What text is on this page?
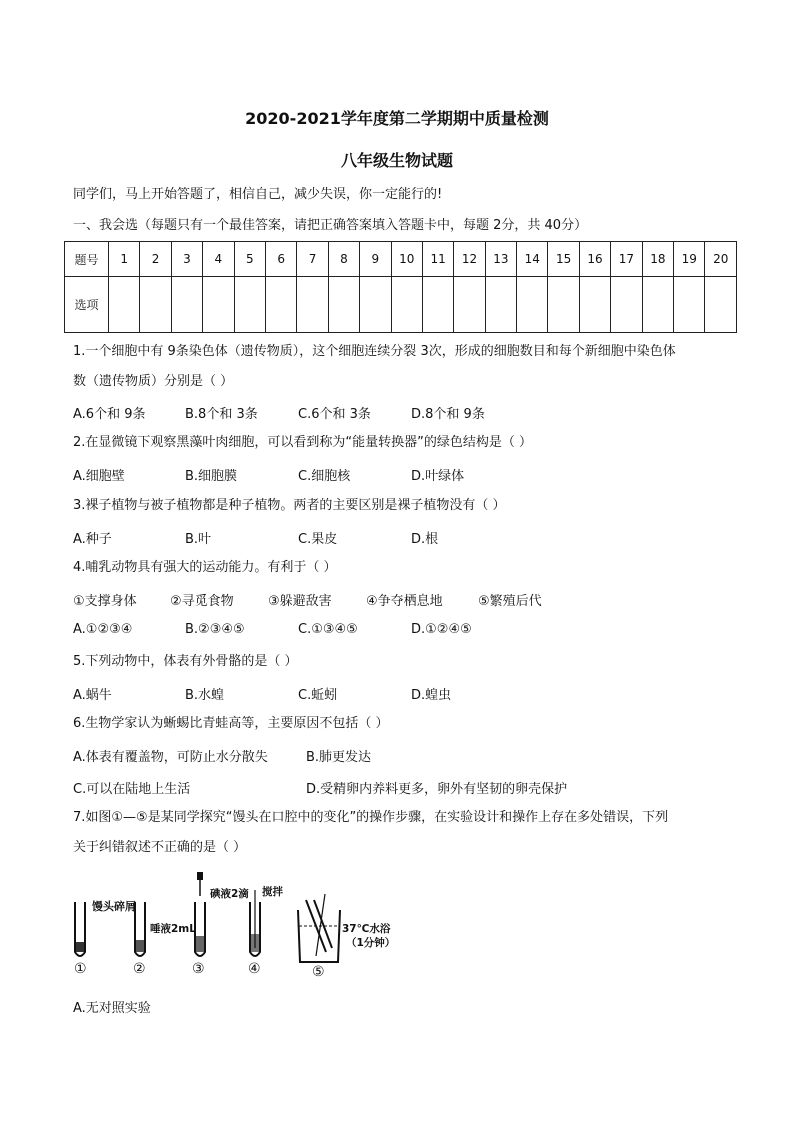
2020-2021学年度第二学期期中质量检测
八年级生物试题
同学们，马上开始答题了，相信自己，减少失误，你一定能行的!
一、我会选（每题只有一个最佳答案，请把正确答案填入答题卡中，每题 2分，共 40分）
题号	1	2	3	4	5	6	7	8	9	10	11	12	13	14	15	16	17	18	19	20
选项																				
1.一个细胞中有 9条染色体（遗传物质），这个细胞连续分裂 3次，形成的细胞数目和每个新细胞中染色体
数（遗传物质）分别是（ ）
A.6个和 9条	B.8个和 3条	C.6个和 3条	D.8个和 9条
2.在显微镜下观察黑藻叶肉细胞，可以看到称为“能量转换器”的绿色结构是（ ）
A.细胞壁	B.细胞膜	C.细胞核	D.叶绿体
3.裸子植物与被子植物都是种子植物。两者的主要区别是裸子植物没有（ ）
A.种子	B.叶	C.果皮	D.根
4.哺乳动物具有强大的运动能力。有利于（ ）
①支撑身体	②寻觅食物	③躲避敌害	④争夺栖息地	⑤繁殖后代
A.①②③④	B.②③④⑤	C.①③④⑤	D.①②④⑤
5.下列动物中，体表有外骨骼的是（ ）
A.蜗牛	B.水蝗	C.蚯蚓	D.蝗虫
6.生物学家认为蜥蜴比青蛙高等，主要原因不包括（ ）
A.体表有覆盖物，可防止水分散失	B.肺更发达
C.可以在陆地上生活	D.受精卵内养料更多，卵外有坚韧的卵壳保护
7.如图①—⑤是某同学探究“馒头在口腔中的变化”的操作步骤，在实验设计和操作上存在多处错误，下列
关于纠错叙述不正确的是（ ）
馒头碎屑
①
唾液2mL
②
碘液2滴
③
搅拌
④
37℃水浴 （1分钟）
⑤
A.无对照实验
